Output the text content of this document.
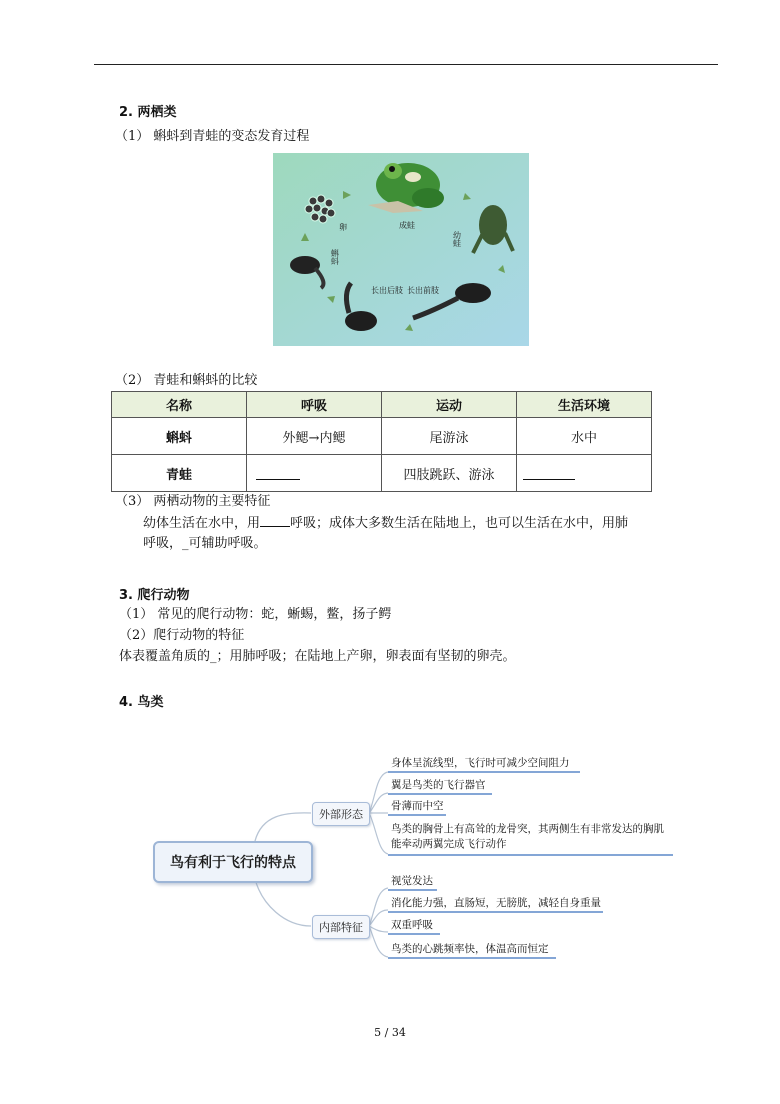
2. 两栖类
（1） 蝌蚪到青蛙的变态发育过程
成蛙
卵
蝌蚪
长出后肢 长出前肢
幼蛙
（2） 青蛙和蝌蚪的比较
名称	呼吸	运动	生活环境
蝌蚪	外鳃→内鳃	尾游泳	水中
青蛙		四肢跳跃、游泳	
（3） 两栖动物的主要特征
幼体生活在水中，用 呼吸；成体大多数生活在陆地上，也可以生活在水中，用肺
呼吸，_可辅助呼吸。
3. 爬行动物
（1） 常见的爬行动物：蛇，蜥蜴，鳖，扬子鳄
（2）爬行动物的特征
体表覆盖角质的_；用肺呼吸；在陆地上产卵，卵表面有坚韧的卵壳。
4. 鸟类
鸟有利于飞行的特点
外部形态
内部特征
身体呈流线型，飞行时可减少空间阻力
翼是鸟类的飞行器官
骨薄而中空
鸟类的胸骨上有高耸的龙骨突，其两侧生有非常发达的胸肌
能牵动两翼完成飞行动作
视觉发达
消化能力强，直肠短，无膀胱，减轻自身重量
双重呼吸
鸟类的心跳频率快，体温高而恒定
5 / 34
